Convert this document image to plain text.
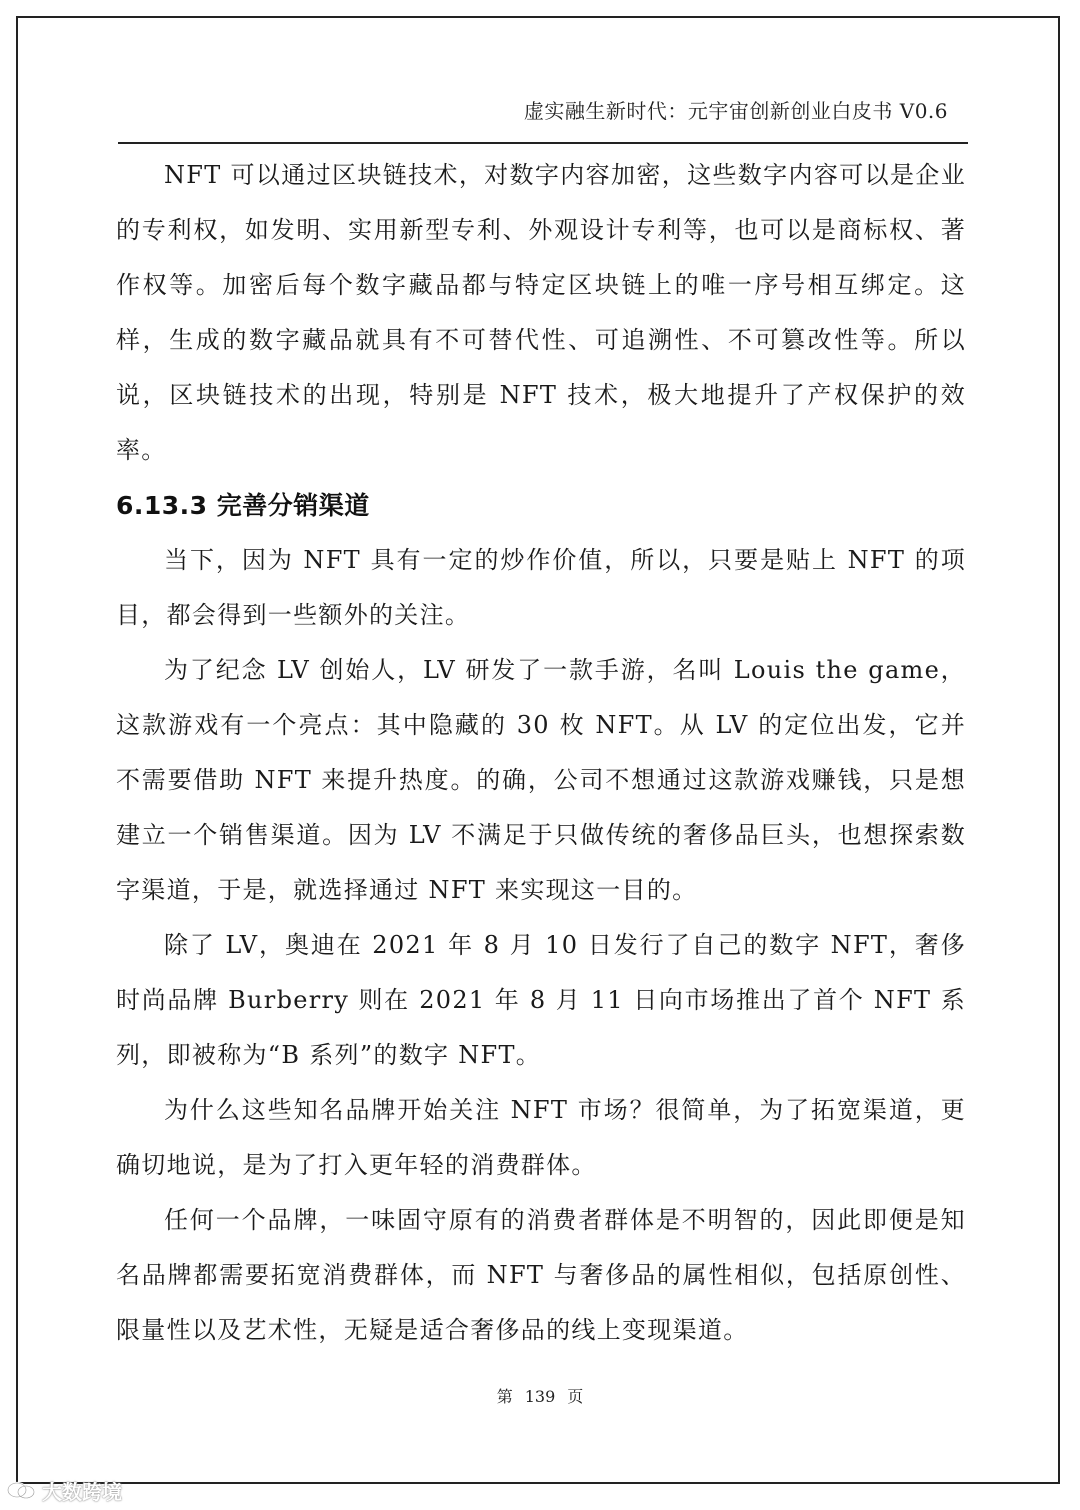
虚实融生新时代：元宇宙创新创业白皮书 V0.6

NFT 可以通过区块链技术，对数字内容加密，这些数字内容可以是企业的专利权，如发明、实用新型专利、外观设计专利等，也可以是商标权、著作权等。加密后每个数字藏品都与特定区块链上的唯一序号相互绑定。这样，生成的数字藏品就具有不可替代性、可追溯性、不可篡改性等。所以说，区块链技术的出现，特别是 NFT 技术，极大地提升了产权保护的效率。

6.13.3 完善分销渠道

当下，因为 NFT 具有一定的炒作价值，所以，只要是贴上 NFT 的项目，都会得到一些额外的关注。

为了纪念 LV 创始人，LV 研发了一款手游，名叫 Louis the game，这款游戏有一个亮点：其中隐藏的 30 枚 NFT。从 LV 的定位出发，它并不需要借助 NFT 来提升热度。的确，公司不想通过这款游戏赚钱，只是想建立一个销售渠道。因为 LV 不满足于只做传统的奢侈品巨头，也想探索数字渠道，于是，就选择通过 NFT 来实现这一目的。

除了 LV，奥迪在 2021 年 8 月 10 日发行了自己的数字 NFT，奢侈时尚品牌 Burberry 则在 2021 年 8 月 11 日向市场推出了首个 NFT 系列，即被称为“B 系列”的数字 NFT。

为什么这些知名品牌开始关注 NFT 市场？很简单，为了拓宽渠道，更确切地说，是为了打入更年轻的消费群体。

任何一个品牌，一味固守原有的消费者群体是不明智的，因此即便是知名品牌都需要拓宽消费群体，而 NFT 与奢侈品的属性相似，包括原创性、限量性以及艺术性，无疑是适合奢侈品的线上变现渠道。

第 139 页
大数跨境
